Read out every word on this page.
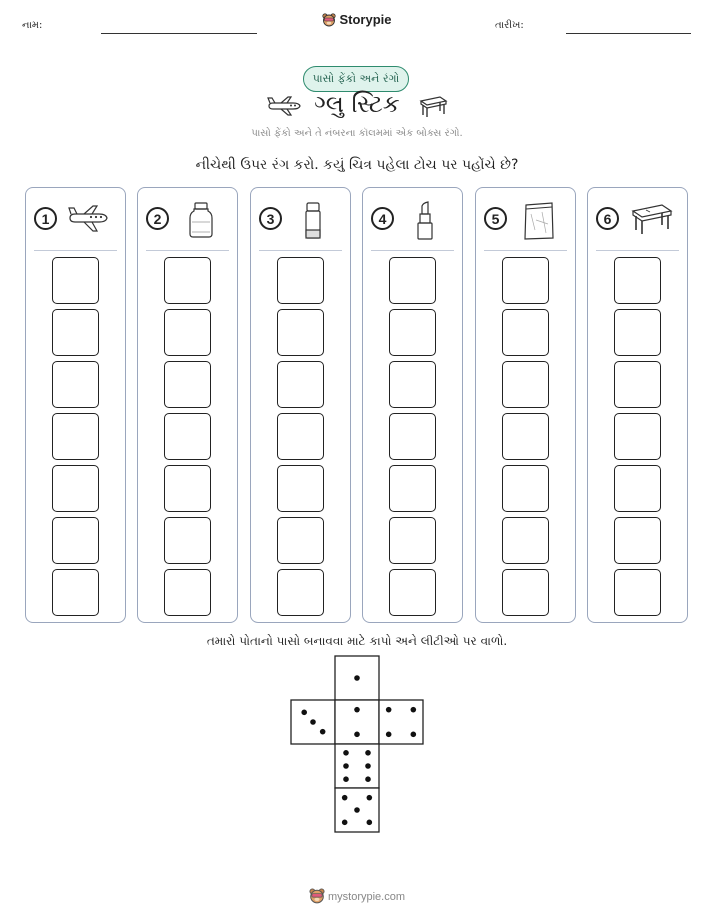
નામ:	તારીખ:
Storypie
પાસો ફેંકો અને રંગો
ગ્લુ સ્ટિક
પાસો ફેંકો અને તે નંબરના કૉલમમાં એક બોક્સ રંગો.
નીચેથી ઉપર રંગ કરો. કયું ચિત્ર પહેલા ટોચ પર પહોંચે છે?
1	2	3	4	5	6
તમારો પોતાનો પાસો બનાવવા માટે કાપો અને લીટીઓ પર વાળો.
mystorypie.com
